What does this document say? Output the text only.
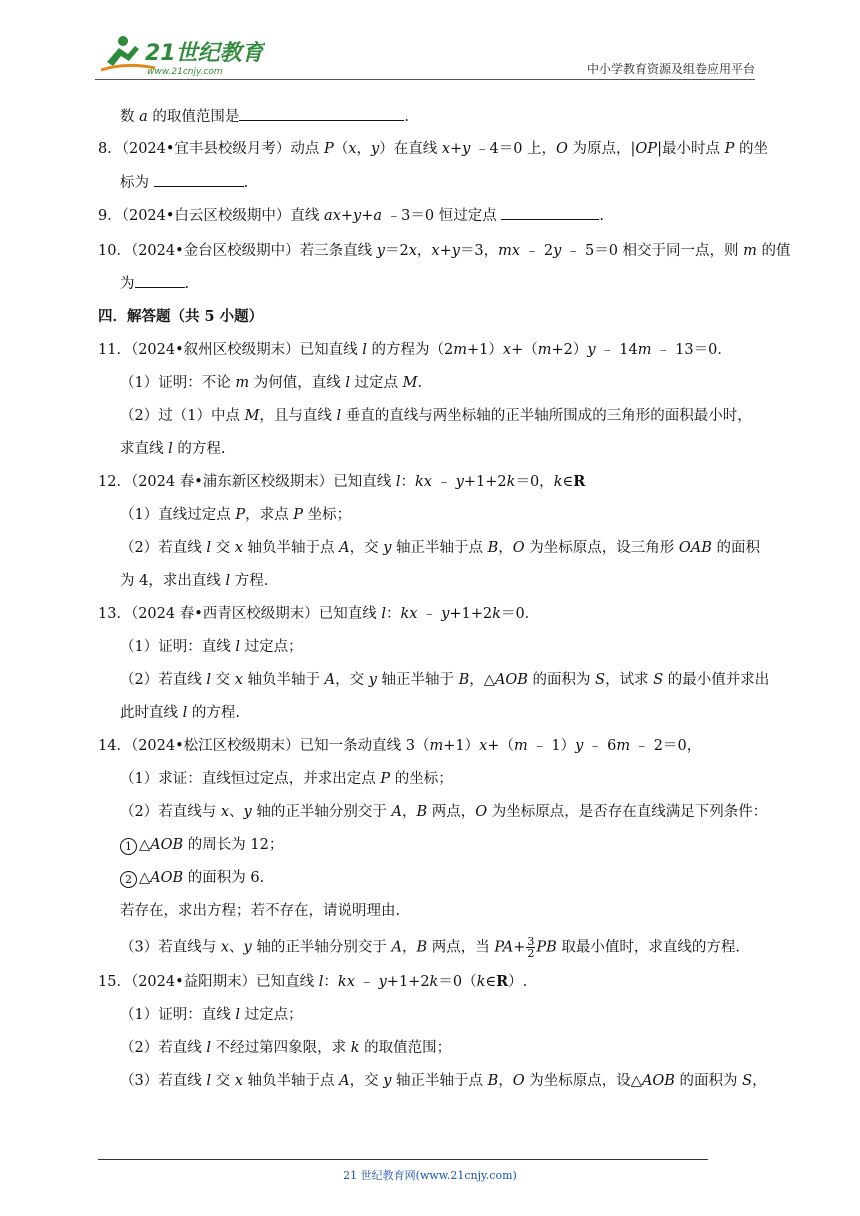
21世纪教育
www.21cnjy.com	中小学教育资源及组卷应用平台
数 a 的取值范围是	.
8．（2024•宜丰县校级月考）动点 P（x，y）在直线 x+y ﹣4＝0 上，O 为原点，|OP|最小时点 P 的坐
标为	.
9．（2024•白云区校级期中）直线 ax+y+a ﹣3＝0 恒过定点	.
10．（2024•金台区校级期中）若三条直线 y＝2x，x+y＝3，mx ﹣ 2y ﹣ 5＝0 相交于同一点，则 m 的值
为	.
四．解答题（共 5 小题）
11．（2024•叙州区校级期末）已知直线 l 的方程为（2m+1）x+（m+2）y ﹣ 14m ﹣ 13＝0．
（1）证明：不论 m 为何值，直线 l 过定点 M.
（2）过（1）中点 M，且与直线 l 垂直的直线与两坐标轴的正半轴所围成的三角形的面积最小时，
求直线 l 的方程.
12．（2024 春•浦东新区校级期末）已知直线 l：kx ﹣ y+1+2k＝0，k∈R
（1）直线过定点 P，求点 P 坐标；
（2）若直线 l 交 x 轴负半轴于点 A，交 y 轴正半轴于点 B，O 为坐标原点，设三角形 OAB 的面积
为 4，求出直线 l 方程.
13．（2024 春•西青区校级期末）已知直线 l：kx ﹣ y+1+2k＝0．
（1）证明：直线 l 过定点；
（2）若直线 l 交 x 轴负半轴于 A，交 y 轴正半轴于 B，△AOB 的面积为 S，试求 S 的最小值并求出
此时直线 l 的方程.
14．（2024•松江区校级期末）已知一条动直线 3（m+1）x+（m ﹣ 1）y ﹣ 6m ﹣ 2＝0，
（1）求证：直线恒过定点，并求出定点 P 的坐标；
（2）若直线与 x、y 轴的正半轴分别交于 A，B 两点，O 为坐标原点，是否存在直线满足下列条件：
1 △AOB 的周长为 12；
2 △AOB 的面积为 6.
若存在，求出方程；若不存在，请说明理由.
（3）若直线与 x、y 轴的正半轴分别交于 A，B 两点，当 $PA+ \frac{3}{2}$ PB 取最小值时，求直线的方程.
15．（2024•益阳期末）已知直线 l：kx ﹣ y+1+2k＝0（k∈R）.
（1）证明：直线 l 过定点；
（2）若直线 l 不经过第四象限，求 k 的取值范围；
（3）若直线 l 交 x 轴负半轴于点 A，交 y 轴正半轴于点 B，O 为坐标原点，设△AOB 的面积为 S，
21 世纪教育网(www.21cnjy.com)
